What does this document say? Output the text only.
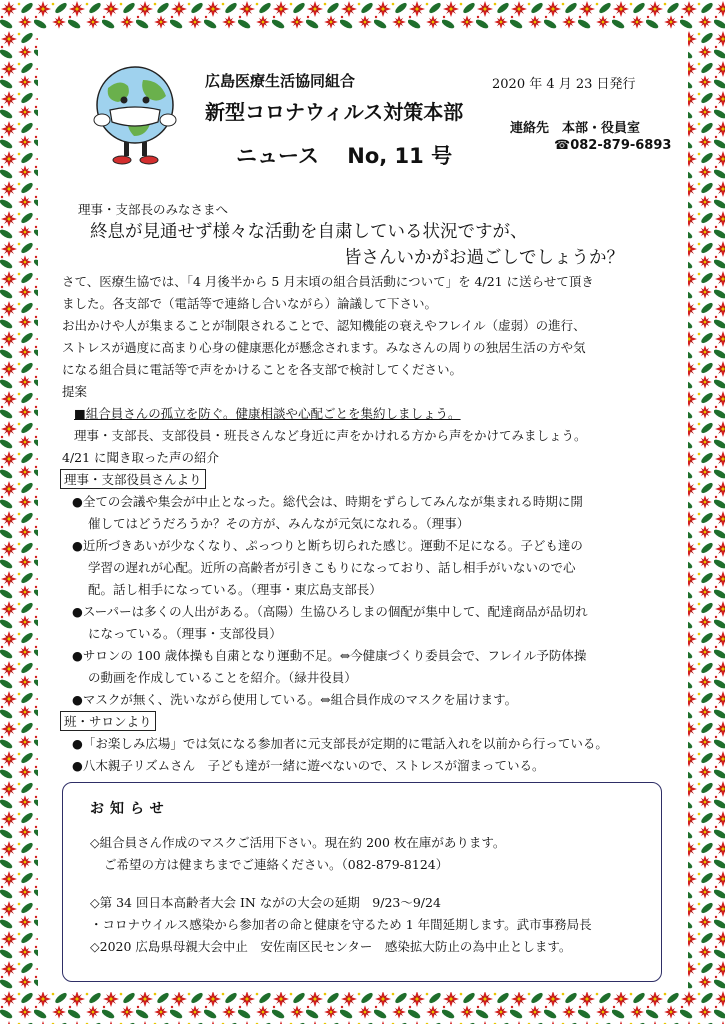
広島医療生活協同組合
新型コロナウィルス対策本部
ニュース　 No, 11 号
2020 年 4 月 23 日発行
連絡先　本部・役員室
☎082-879-6893
理事・支部長のみなさまへ
終息が見通せず様々な活動を自粛している状況ですが、
皆さんいかがお過ごしでしょうか？
さて、医療生協では、「4 月後半から 5 月末頃の組合員活動について」を 4/21 に送らせて頂き
ました。各支部で（電話等で連絡し合いながら）論議して下さい。
お出かけや人が集まることが制限されることで、認知機能の衰えやフレイル（虚弱）の進行、
ストレスが過度に高まり心身の健康悪化が懸念されます。みなさんの周りの独居生活の方や気
になる組合員に電話等で声をかけることを各支部で検討してください。
提案
■組合員さんの孤立を防ぐ。健康相談や心配ごとを集約しましょう。
理事・支部長、支部役員・班長さんなど身近に声をかけれる方から声をかけてみましょう。
4/21 に聞き取った声の紹介
理事・支部役員さんより
●全ての会議や集会が中止となった。総代会は、時期をずらしてみんなが集まれる時期に開
催してはどうだろうか？その方が、みんなが元気になれる。（理事）
●近所づきあいが少なくなり、ぷっつりと断ち切られた感じ。運動不足になる。子ども達の
学習の遅れが心配。近所の高齢者が引きこもりになっており、話し相手がいないので心
配。話し相手になっている。（理事・東広島支部長）
●スーパーは多くの人出がある。（高陽）生協ひろしまの個配が集中して、配達商品が品切れ
になっている。（理事・支部役員）
●サロンの 100 歳体操も自粛となり運動不足。⇔今健康づくり委員会で、フレイル予防体操
の動画を作成していることを紹介。（緑井役員）
●マスクが無く、洗いながら使用している。⇔組合員作成のマスクを届けます。
班・サロンより
●「お楽しみ広場」では気になる参加者に元支部長が定期的に電話入れを以前から行っている。
●八木親子リズムさん　子ども達が一緒に遊べないので、ストレスが溜まっている。
お知らせ
◇組合員さん作成のマスクご活用下さい。現在約 200 枚在庫があります。
ご希望の方は健まちまでご連絡ください。（082-879-8124）
◇第 34 回日本高齢者大会 IN ながの大会の延期　9/23～9/24
・コロナウイルス感染から参加者の命と健康を守るため 1 年間延期します。武市事務局長
◇2020 広島県母親大会中止　安佐南区民センター　感染拡大防止の為中止とします。
